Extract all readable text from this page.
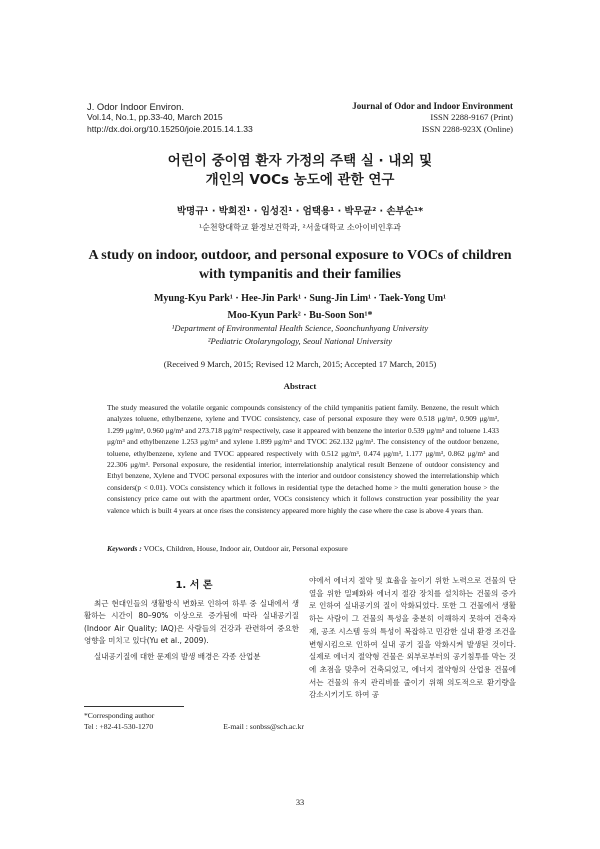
J. Odor Indoor Environ.
Vol.14, No.1, pp.33-40, March 2015
http://dx.doi.org/10.15250/joie.2015.14.1.33
Journal of Odor and Indoor Environment
ISSN 2288-9167 (Print)
ISSN 2288-923X (Online)
어린이 중이염 환자 가정의 주택 실 · 내외 및
개인의 VOCs 농도에 관한 연구
박명규¹ · 박희진¹ · 임성진¹ · 엄택용¹ · 박무균² · 손부순¹*
¹순천향대학교 환경보건학과, ²서울대학교 소아이비인후과
A study on indoor, outdoor, and personal exposure to VOCs of children
with tympanitis and their families
Myung-Kyu Park¹ · Hee-Jin Park¹ · Sung-Jin Lim¹ · Taek-Yong Um¹
Moo-Kyun Park² · Bu-Soon Son¹*
¹Department of Environmental Health Science, Soonchunhyang University
²Pediatric Otolaryngology, Seoul National University
(Received 9 March, 2015; Revised 12 March, 2015; Accepted 17 March, 2015)
Abstract
The study measured the volatile organic compounds consistency of the child tympanitis patient family. Benzene, the result which analyzes toluene, ethylbenzene, xylene and TVOC consistency, case of personal exposure they were 0.518 μg/m³, 0.909 μg/m³, 1.299 μg/m³, 0.960 μg/m³ and 273.718 μg/m³ respectively, case it appeared with benzene the interior 0.539 μg/m³ and toluene 1.433 μg/m³ and ethylbenzene 1.253 μg/m³ and xylene 1.899 μg/m³ and TVOC 262.132 μg/m³. The consistency of the outdoor benzene, toluene, ethylbenzene, xylene and TVOC appeared respectively with 0.512 μg/m³, 0.474 μg/m³, 1.177 μg/m³, 0.862 μg/m³ and 22.306 μg/m³. Personal exposure, the residential interior, interrelationship analytical result Benzene of outdoor consistency and Ethyl benzene, Xylene and TVOC personal exposures with the interior and outdoor consistency showed the interrelationship which considers(p < 0.01). VOCs consistency which it follows in residential type the detached home > the multi generation house > the consistency price came out with the apartment order, VOCs consistency which it follows construction year possibility the year valence which is built 4 years at once rises the consistency appeared more highly the case where the case is above 4 years than.
Keywords : VOCs, Children, House, Indoor air, Outdoor air, Personal exposure
1. 서 론

최근 현대인들의 생활방식 변화로 인하여 하루 중 실내에서 생활하는 시간이 80–90% 이상으로 증가됨에 따라 실내공기질(Indoor Air Quality; IAQ)은 사람들의 건강과 관련하여 중요한 영향을 미치고 있다(Yu et al., 2009).

실내공기질에 대한 문제의 발생 배경은 각종 산업분

야에서 에너지 절약 및 효율을 높이기 위한 노력으로 건물의 단열을 위한 밀폐화와 에너지 절감 장치를 설치하는 건물의 증가로 인하여 실내공기의 질이 악화되었다. 또한 그 건물에서 생활하는 사람이 그 건물의 특성을 충분히 이해하지 못하여 건축자재, 공조 시스템 등의 특성이 복잡하고 민감한 실내 환경 조건을 변형시킴으로 인하여 실내 공기 질을 악화시켜 발생된 것이다. 실제로 에너지 절약형 건물은 외부로부터의 공기침투를 막는 것에 초점을 맞추어 건축되었고, 에너지 절약형의 산업용 건물에서는 건물의 유지 관리비를 줄이기 위해 의도적으로 환기량을 감소시키기도 하여 공

*Corresponding author
Tel : +82-41-530-1270	E-mail : sonbss@sch.ac.kr
33
